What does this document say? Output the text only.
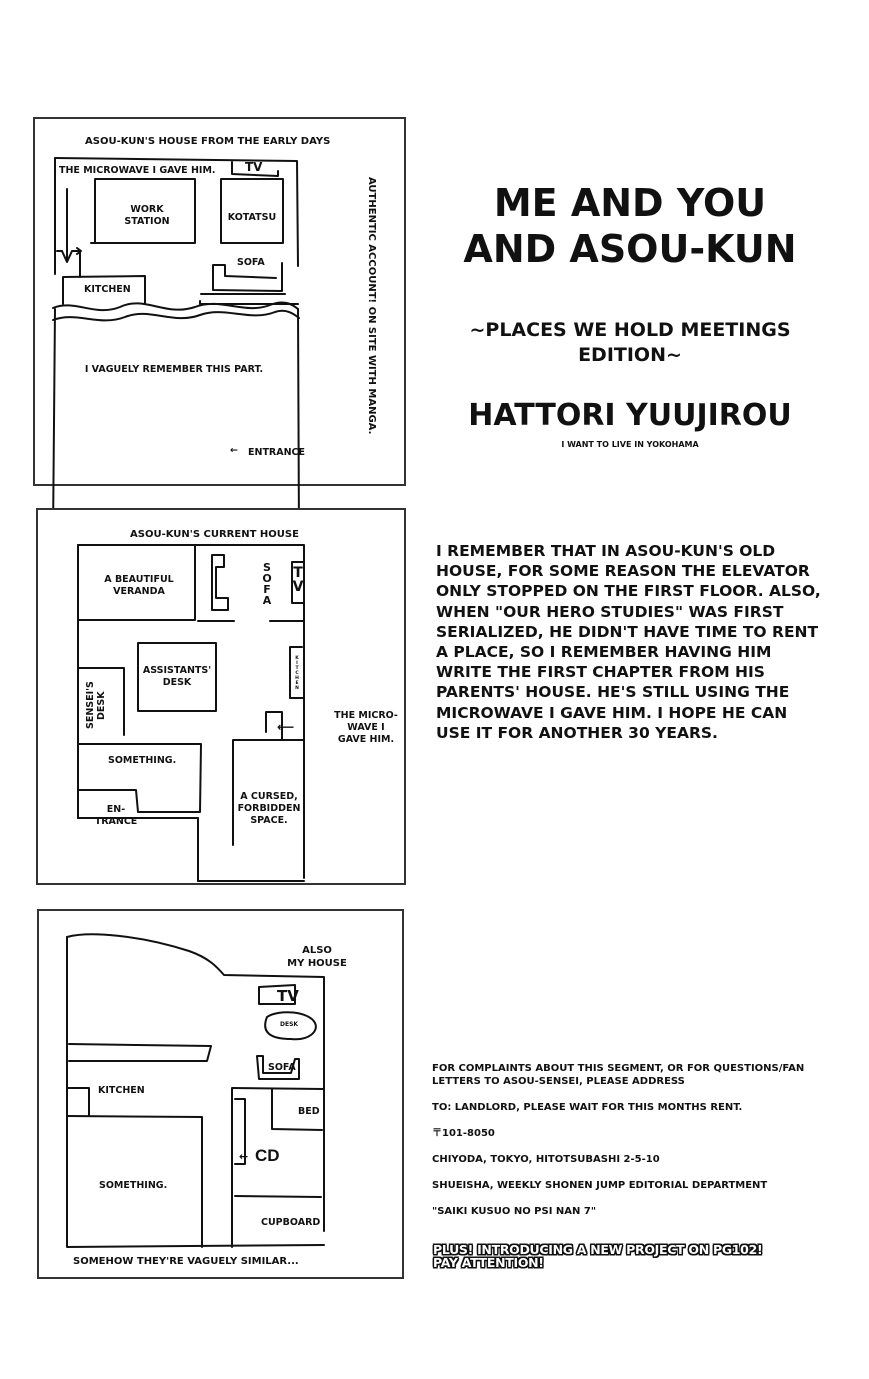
ASOU-KUN'S HOUSE FROM THE EARLY DAYS
THE MICROWAVE I GAVE HIM. TV
WORK
STATION	KOTATSU
SOFA
KITCHEN
I VAGUELY REMEMBER THIS PART.
← ENTRANCE
AUTHENTIC ACCOUNT! ON SITE WITH MANGA.	ME AND YOU
AND ASOU-KUN
~PLACES WE HOLD MEETINGS
EDITION~
HATTORI YUUJIROU
I WANT TO LIVE IN YOKOHAMA
ASOU-KUN'S CURRENT HOUSE
A BEAUTIFUL
VERANDA
S
O
F
A
T
V
ASSISTANTS'
DESK
K
I
T
C
H
E
N
SENSEI'S DESK
⟵
THE MICRO-
WAVE I
GAVE HIM.
SOMETHING.
EN-
TRANCE
A CURSED,
FORBIDDEN
SPACE.
I REMEMBER THAT IN ASOU-KUN'S OLD
HOUSE, FOR SOME REASON THE ELEVATOR
ONLY STOPPED ON THE FIRST FLOOR. ALSO,
WHEN "OUR HERO STUDIES" WAS FIRST
SERIALIZED, HE DIDN'T HAVE TIME TO RENT
A PLACE, SO I REMEMBER HAVING HIM
WRITE THE FIRST CHAPTER FROM HIS
PARENTS' HOUSE. HE'S STILL USING THE
MICROWAVE I GAVE HIM. I HOPE HE CAN
USE IT FOR ANOTHER 30 YEARS.
ALSO
MY HOUSE
TV
DESK
SOFA
KITCHEN
BED
← CD
SOMETHING.
CUPBOARD
SOMEHOW THEY'RE VAGUELY SIMILAR...
FOR COMPLAINTS ABOUT THIS SEGMENT, OR FOR QUESTIONS/FAN
LETTERS TO ASOU-SENSEI, PLEASE ADDRESS
TO: LANDLORD, PLEASE WAIT FOR THIS MONTHS RENT.
〒101-8050
CHIYODA, TOKYO, HITOTSUBASHI 2-5-10
SHUEISHA, WEEKLY SHONEN JUMP EDITORIAL DEPARTMENT
"SAIKI KUSUO NO PSI NAN 7"
PLUS! INTRODUCING A NEW PROJECT ON PG102!
PAY ATTENTION!
